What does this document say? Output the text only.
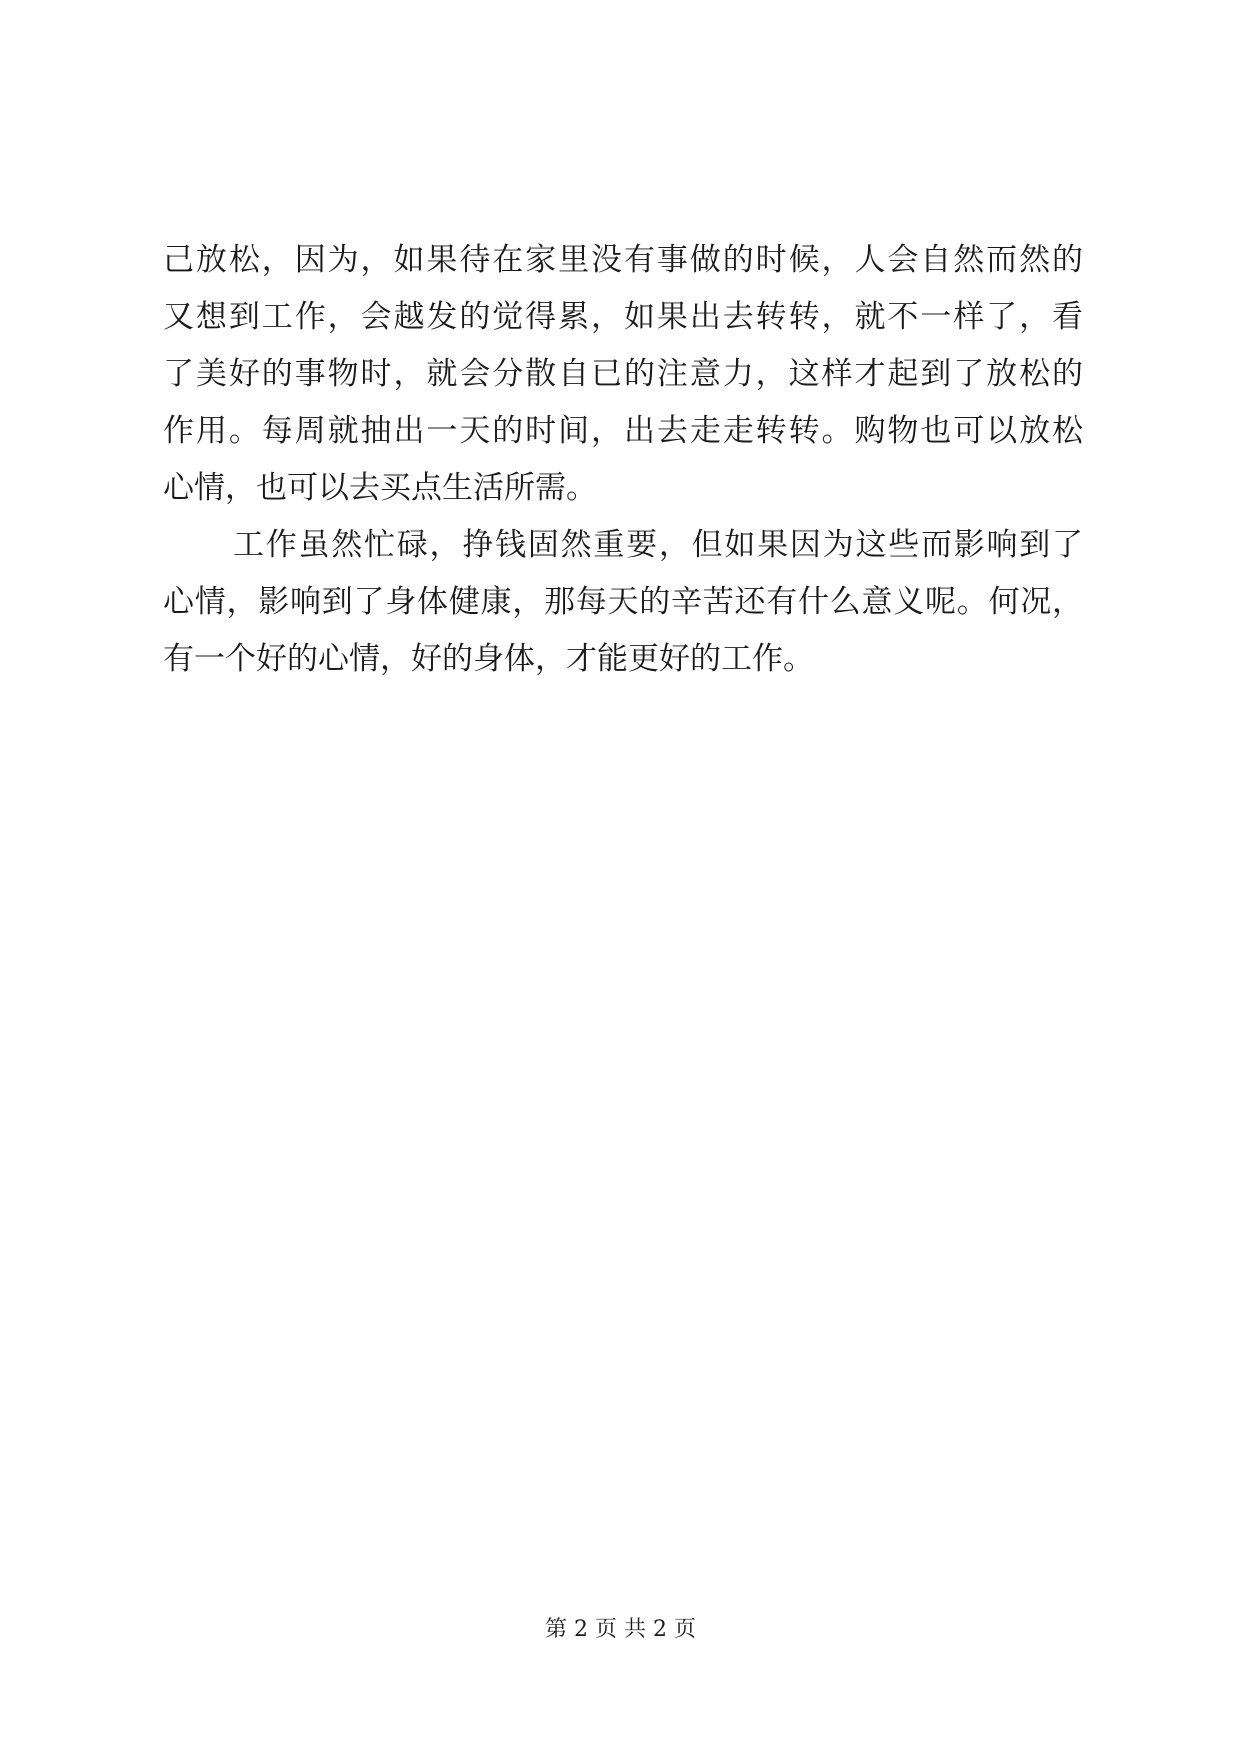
己放松，因为，如果待在家里没有事做的时候，人会自然而然的
又想到工作，会越发的觉得累，如果出去转转，就不一样了，看
了美好的事物时，就会分散自已的注意力，这样才起到了放松的
作用。每周就抽出一天的时间，出去走走转转。购物也可以放松
心情，也可以去买点生活所需。
工作虽然忙碌，挣钱固然重要，但如果因为这些而影响到了
心情，影响到了身体健康，那每天的辛苦还有什么意义呢。何况，
有一个好的心情，好的身体，才能更好的工作。
第 2 页 共 2 页
